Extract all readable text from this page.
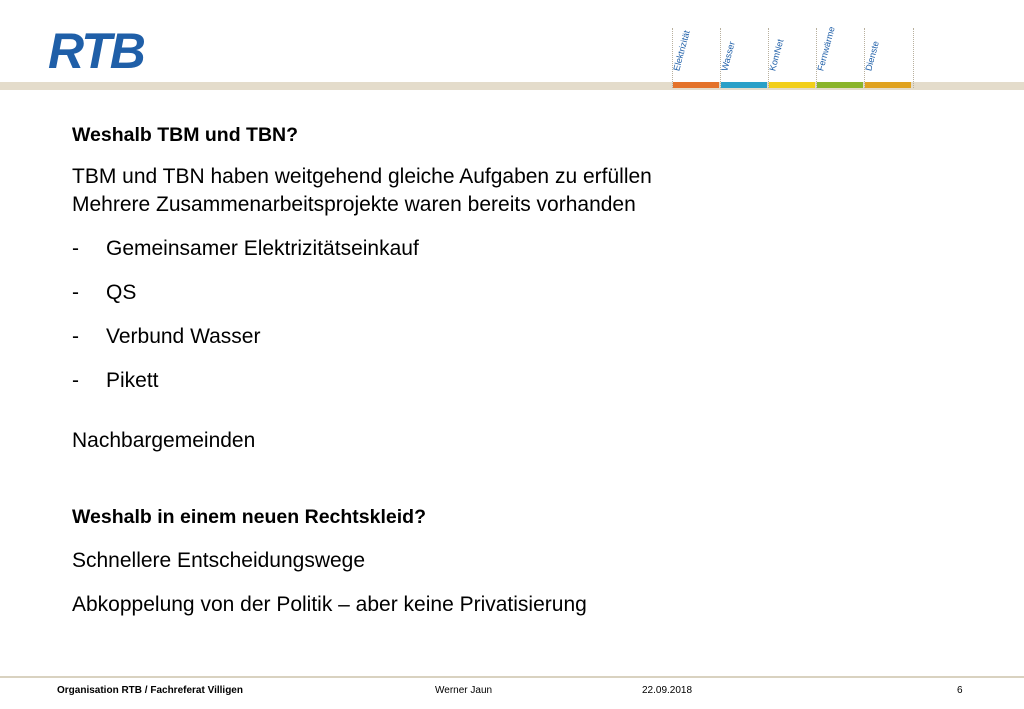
RTB	Elektrizität	Wasser	KomNet	Fernwärme	Dienste
Weshalb TBM und TBN?
TBM und TBN haben weitgehend gleiche Aufgaben zu erfüllen
Mehrere Zusammenarbeitsprojekte waren bereits vorhanden
- Gemeinsamer Elektrizitätseinkauf
- QS
- Verbund Wasser
- Pikett
Nachbargemeinden
Weshalb in einem neuen Rechtskleid?
Schnellere Entscheidungswege
Abkoppelung von der Politik – aber keine Privatisierung
Organisation RTB / Fachreferat Villigen	Werner Jaun	22.09.2018	6
